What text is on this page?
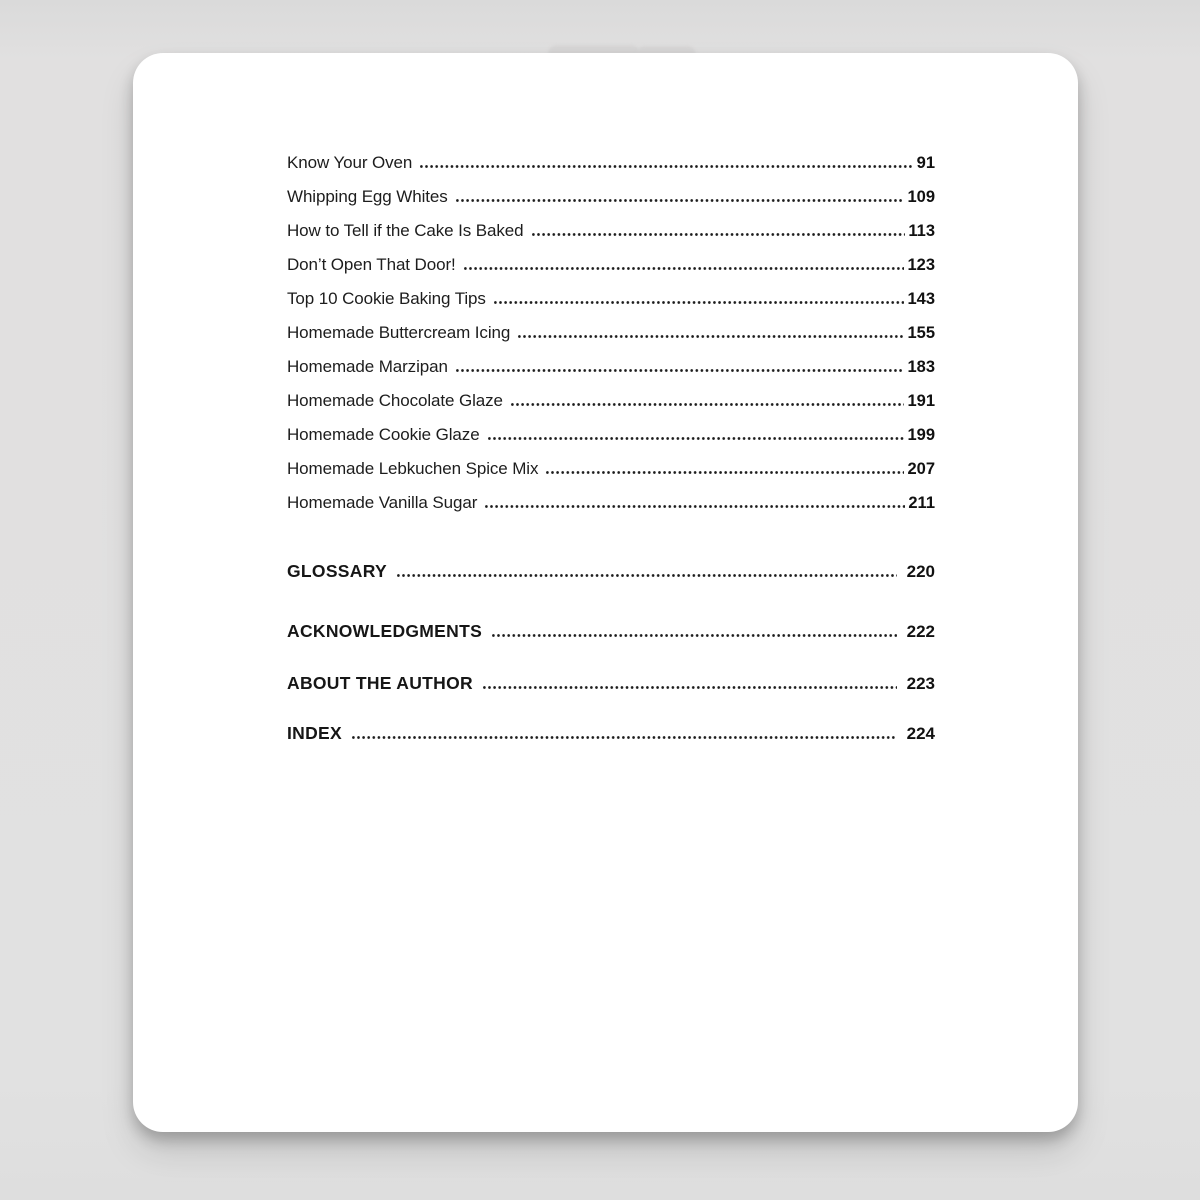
Know Your Oven	91
Whipping Egg Whites	109
How to Tell if the Cake Is Baked	113
Don’t Open That Door!	123
Top 10 Cookie Baking Tips	143
Homemade Buttercream Icing	155
Homemade Marzipan	183
Homemade Chocolate Glaze	191
Homemade Cookie Glaze	199
Homemade Lebkuchen Spice Mix	207
Homemade Vanilla Sugar	211
GLOSSARY	220
ACKNOWLEDGMENTS	222
ABOUT THE AUTHOR	223
INDEX	224
